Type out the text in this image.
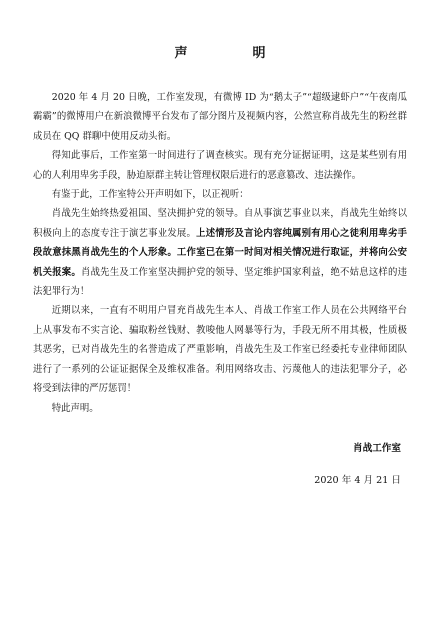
声　明

2020 年 4 月 20 日晚，工作室发现，有微博 ID 为“鹅太子”“超级逮虾户”“午夜南瓜霸霸”的微博用户在新浪微博平台发布了部分图片及视频内容，公然宣称肖战先生的粉丝群成员在 QQ 群聊中使用反动头衔。

得知此事后，工作室第一时间进行了调查核实。现有充分证据证明，这是某些别有用心的人利用卑劣手段，胁迫原群主转让管理权限后进行的恶意篡改、违法操作。

有鉴于此，工作室特公开声明如下，以正视听：

肖战先生始终热爱祖国、坚决拥护党的领导。自从事演艺事业以来，肖战先生始终以积极向上的态度专注于演艺事业发展。上述情形及言论内容纯属别有用心之徒利用卑劣手段故意抹黑肖战先生的个人形象。工作室已在第一时间对相关情况进行取证，并将向公安机关报案。肖战先生及工作室坚决拥护党的领导、坚定维护国家利益，绝不姑息这样的违法犯罪行为！

近期以来，一直有不明用户冒充肖战先生本人、肖战工作室工作人员在公共网络平台上从事发布不实言论、骗取粉丝钱财、教唆他人网暴等行为，手段无所不用其极，性质极其恶劣，已对肖战先生的名誉造成了严重影响，肖战先生及工作室已经委托专业律师团队进行了一系列的公证证据保全及维权准备。利用网络攻击、污蔑他人的违法犯罪分子，必将受到法律的严厉惩罚！

特此声明。

肖战工作室
2020 年 4 月 21 日
